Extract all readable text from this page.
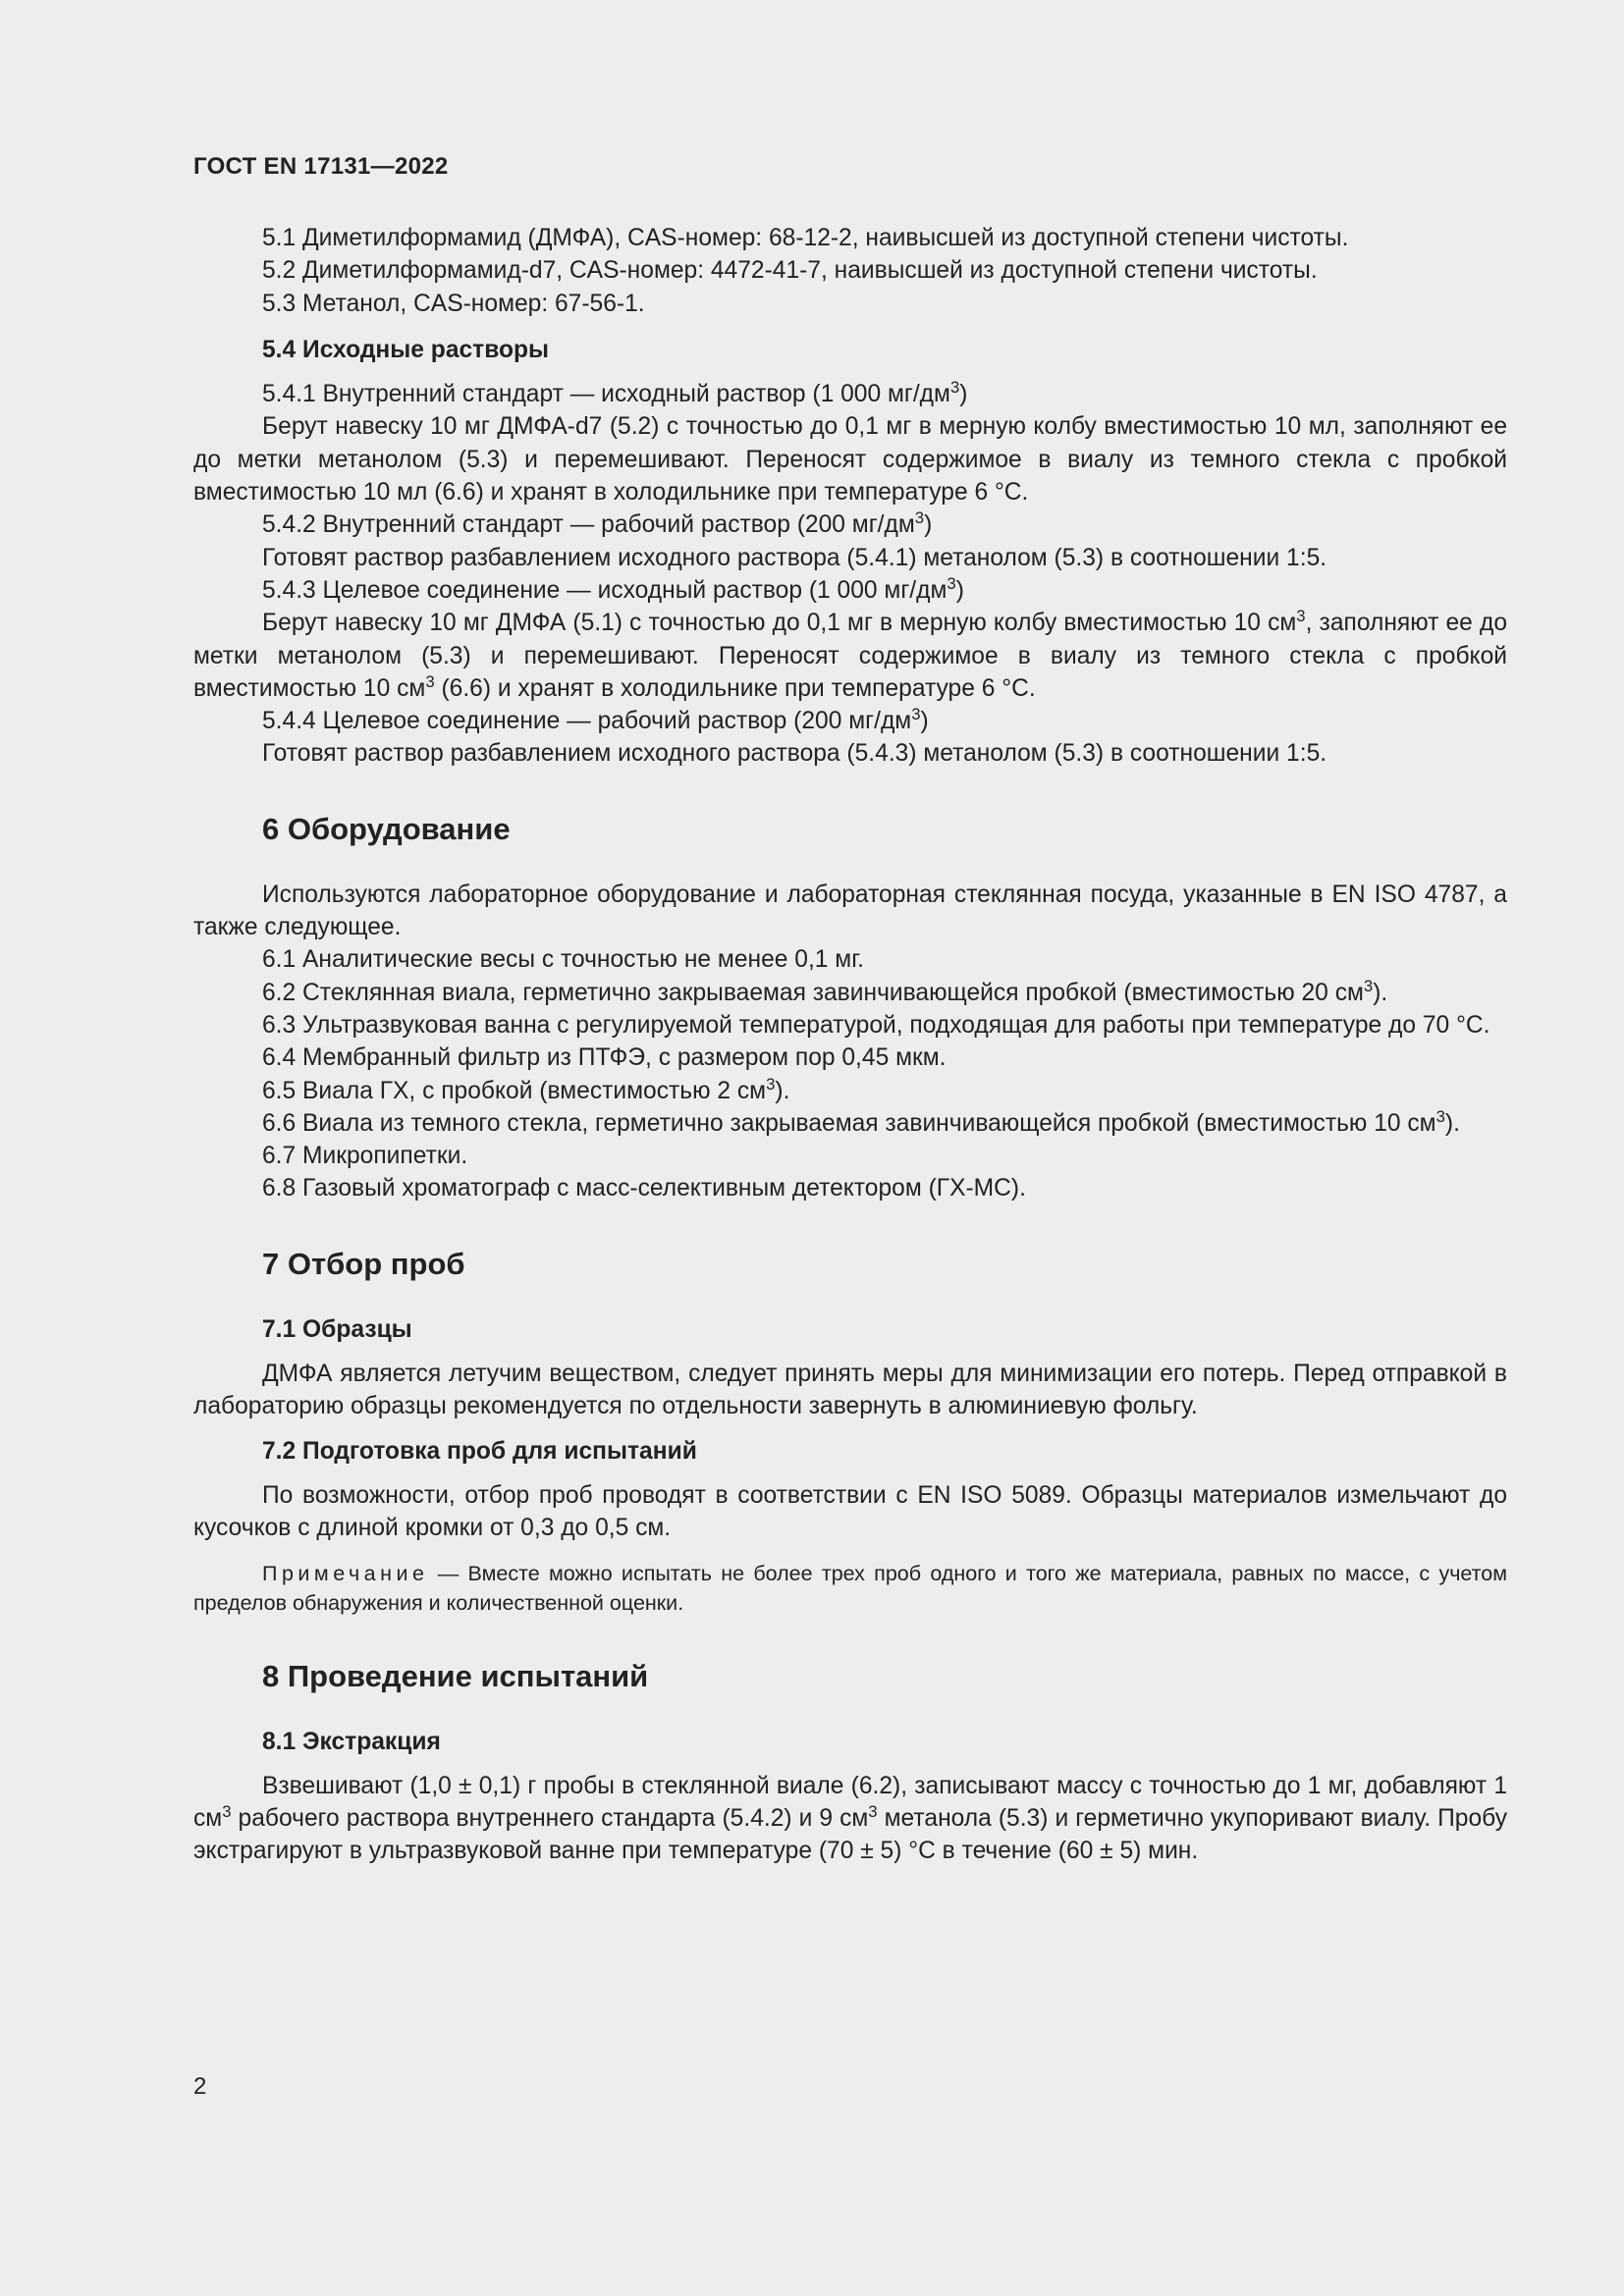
ГОСТ EN 17131—2022

5.1 Диметилформамид (ДМФА), CAS-номер: 68-12-2, наивысшей из доступной степени чистоты.

5.2 Диметилформамид-d7, CAS-номер: 4472-41-7, наивысшей из доступной степени чистоты.

5.3 Метанол, CAS-номер: 67-56-1.

5.4 Исходные растворы

5.4.1 Внутренний стандарт — исходный раствор (1 000 $мг/дм^3$)

Берут навеску 10 мг ДМФА-d7 (5.2) с точностью до 0,1 мг в мерную колбу вместимостью 10 мл, заполняют ее до метки метанолом (5.3) и перемешивают. Переносят содержимое в виалу из темного стекла с пробкой вместимостью 10 мл (6.6) и хранят в холодильнике при температуре 6 °С.

5.4.2 Внутренний стандарт — рабочий раствор (200 $мг/дм^3$)

Готовят раствор разбавлением исходного раствора (5.4.1) метанолом (5.3) в соотношении 1:5.

5.4.3 Целевое соединение — исходный раствор (1 000 $мг/дм^3$)

Берут навеску 10 мг ДМФА (5.1) с точностью до 0,1 мг в мерную колбу вместимостью 10 $см^3$, заполняют ее до метки метанолом (5.3) и перемешивают. Переносят содержимое в виалу из темного стекла с пробкой вместимостью 10 $см^3$ (6.6) и хранят в холодильнике при температуре 6 °С.

5.4.4 Целевое соединение — рабочий раствор (200 $мг/дм^3$)

Готовят раствор разбавлением исходного раствора (5.4.3) метанолом (5.3) в соотношении 1:5.

6 Оборудование

Используются лабораторное оборудование и лабораторная стеклянная посуда, указанные в EN ISO 4787, а также следующее.

6.1 Аналитические весы с точностью не менее 0,1 мг.

6.2 Стеклянная виала, герметично закрываемая завинчивающейся пробкой (вместимостью 20 $см^3$).

6.3 Ультразвуковая ванна с регулируемой температурой, подходящая для работы при температуре до 70 °С.

6.4 Мембранный фильтр из ПТФЭ, с размером пор 0,45 мкм.

6.5 Виала ГХ, с пробкой (вместимостью 2 $см^3$).

6.6 Виала из темного стекла, герметично закрываемая завинчивающейся пробкой (вместимостью 10 $см^3$).

6.7 Микропипетки.

6.8 Газовый хроматограф с масс-селективным детектором (ГХ-МС).

7 Отбор проб

7.1 Образцы

ДМФА является летучим веществом, следует принять меры для минимизации его потерь. Перед отправкой в лабораторию образцы рекомендуется по отдельности завернуть в алюминиевую фольгу.

7.2 Подготовка проб для испытаний

По возможности, отбор проб проводят в соответствии с EN ISO 5089. Образцы материалов измельчают до кусочков с длиной кромки от 0,3 до 0,5 см.

Примечание — Вместе можно испытать не более трех проб одного и того же материала, равных по массе, с учетом пределов обнаружения и количественной оценки.

8 Проведение испытаний

8.1 Экстракция

Взвешивают (1,0 ± 0,1) г пробы в стеклянной виале (6.2), записывают массу с точностью до 1 мг, добавляют 1 $см^3$ рабочего раствора внутреннего стандарта (5.4.2) и 9 $см^3$ метанола (5.3) и герметично укупоривают виалу. Пробу экстрагируют в ультразвуковой ванне при температуре (70 ± 5) °С в течение (60 ± 5) мин.

2
